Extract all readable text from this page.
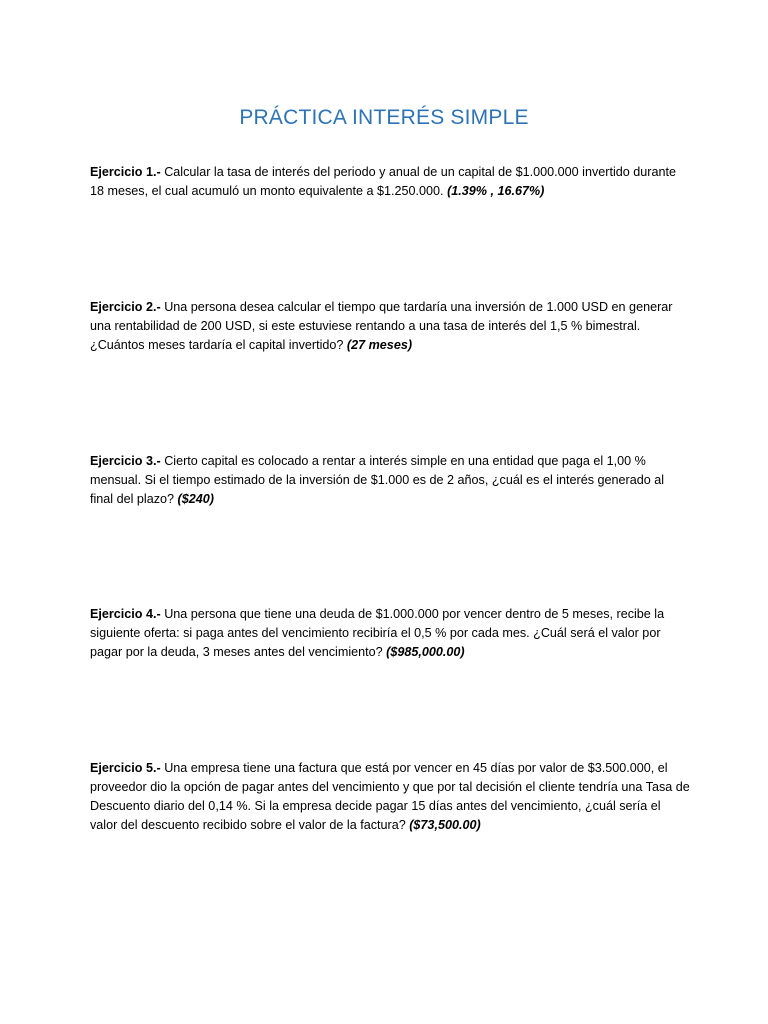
PRÁCTICA INTERÉS SIMPLE

Ejercicio 1.- Calcular la tasa de interés del periodo y anual de un capital de $1.000.000 invertido durante 18 meses, el cual acumuló un monto equivalente a $1.250.000. (1.39% , 16.67%)

Ejercicio 2.- Una persona desea calcular el tiempo que tardaría una inversión de 1.000 USD en generar una rentabilidad de 200 USD, si este estuviese rentando a una tasa de interés del 1,5 % bimestral. ¿Cuántos meses tardaría el capital invertido? (27 meses)

Ejercicio 3.- Cierto capital es colocado a rentar a interés simple en una entidad que paga el 1,00 % mensual. Si el tiempo estimado de la inversión de $1.000 es de 2 años, ¿cuál es el interés generado al final del plazo? ($240)

Ejercicio 4.- Una persona que tiene una deuda de $1.000.000 por vencer dentro de 5 meses, recibe la siguiente oferta: si paga antes del vencimiento recibiría el 0,5 % por cada mes. ¿Cuál será el valor por pagar por la deuda, 3 meses antes del vencimiento? ($985,000.00)

Ejercicio 5.- Una empresa tiene una factura que está por vencer en 45 días por valor de $3.500.000, el proveedor dio la opción de pagar antes del vencimiento y que por tal decisión el cliente tendría una Tasa de Descuento diario del 0,14 %. Si la empresa decide pagar 15 días antes del vencimiento, ¿cuál sería el valor del descuento recibido sobre el valor de la factura? ($73,500.00)
